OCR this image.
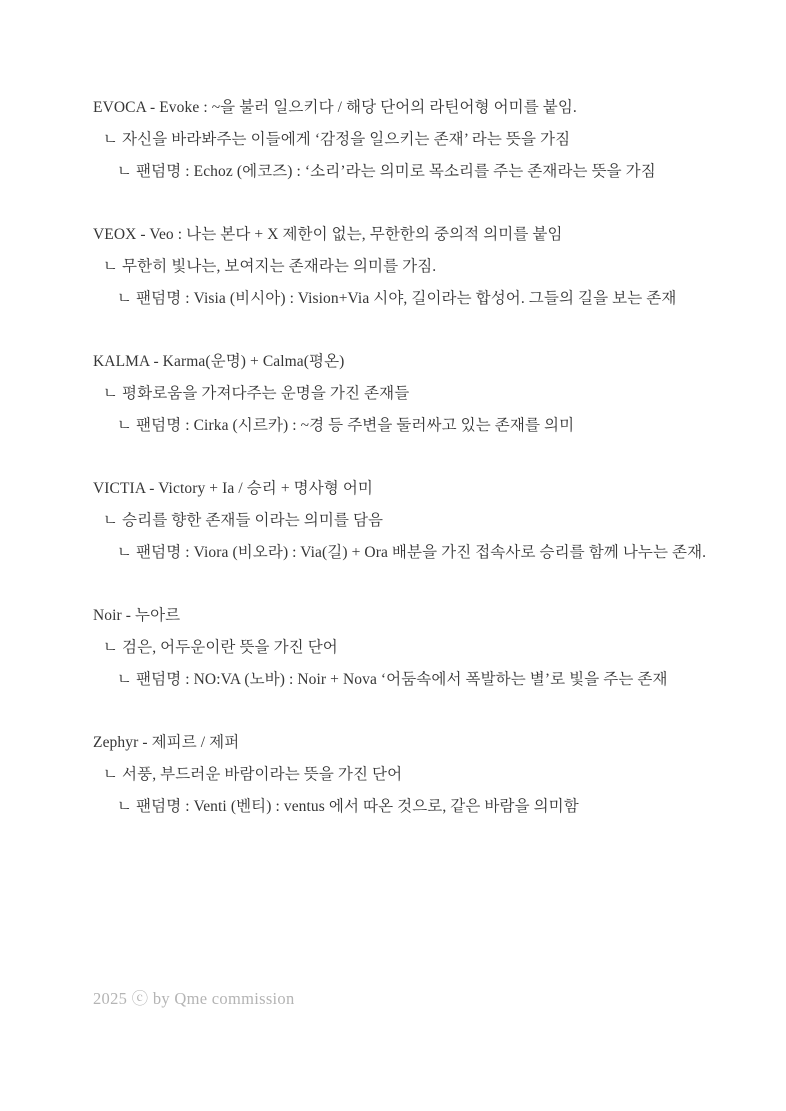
EVOCA - Evoke : ~을 불러 일으키다 / 해당 단어의 라틴어형 어미를 붙임.
ㄴ 자신을 바라봐주는 이들에게 ‘감정을 일으키는 존재’ 라는 뜻을 가짐
ㄴ 팬덤명 : Echoz (에코즈) : ‘소리’라는 의미로 목소리를 주는 존재라는 뜻을 가짐
VEOX - Veo : 나는 본다 + X 제한이 없는, 무한한의 중의적 의미를 붙임
ㄴ 무한히 빛나는, 보여지는 존재라는 의미를 가짐.
ㄴ 팬덤명 : Visia (비시아) : Vision+Via 시야, 길이라는 합성어. 그들의 길을 보는 존재
KALMA - Karma(운명) + Calma(평온)
ㄴ 평화로움을 가져다주는 운명을 가진 존재들
ㄴ 팬덤명 : Cirka (시르카) : ~경 등 주변을 둘러싸고 있는 존재를 의미
VICTIA - Victory + Ia / 승리 + 명사형 어미
ㄴ 승리를 향한 존재들 이라는 의미를 담음
ㄴ 팬덤명 : Viora (비오라) : Via(길) + Ora 배분을 가진 접속사로 승리를 함께 나누는 존재.
Noir - 누아르
ㄴ 검은, 어두운이란 뜻을 가진 단어
ㄴ 팬덤명 : NO:VA (노바) : Noir + Nova ‘어둠속에서 폭발하는 별’로 빛을 주는 존재
Zephyr - 제피르 / 제퍼
ㄴ 서풍, 부드러운 바람이라는 뜻을 가진 단어
ㄴ 팬덤명 : Venti (벤티) : ventus 에서 따온 것으로, 같은 바람을 의미함
2025 ⓒ by Qme commission
